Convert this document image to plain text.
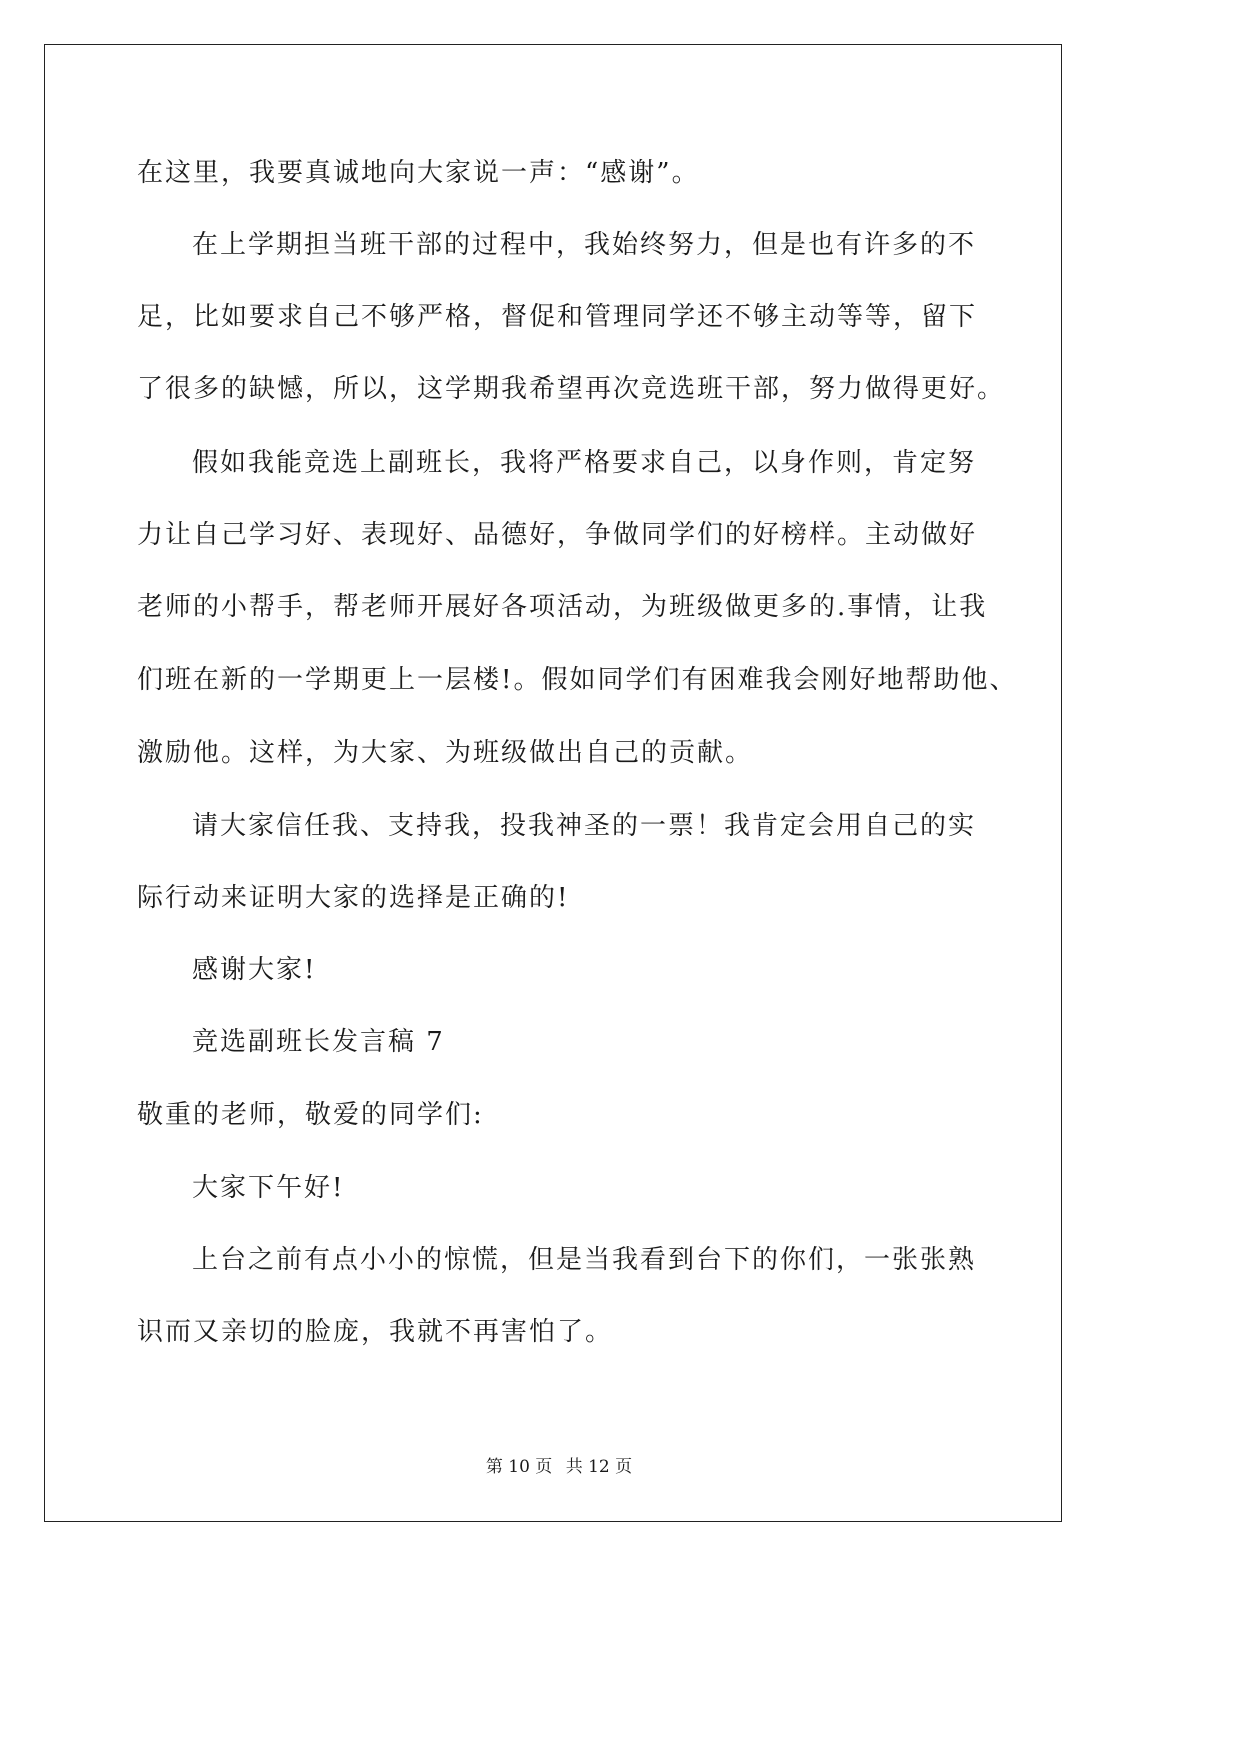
在这里，我要真诚地向大家说一声：“感谢”。
在上学期担当班干部的过程中，我始终努力，但是也有许多的不
足，比如要求自己不够严格，督促和管理同学还不够主动等等，留下
了很多的缺憾，所以，这学期我希望再次竞选班干部，努力做得更好。
假如我能竞选上副班长，我将严格要求自己，以身作则，肯定努
力让自己学习好、表现好、品德好，争做同学们的好榜样。主动做好
老师的小帮手，帮老师开展好各项活动，为班级做更多的.事情，让我
们班在新的一学期更上一层楼!。假如同学们有困难我会刚好地帮助他、
激励他。这样，为大家、为班级做出自己的贡献。
请大家信任我、支持我，投我神圣的一票！我肯定会用自己的实
际行动来证明大家的选择是正确的!
感谢大家!
竞选副班长发言稿 7
敬重的老师，敬爱的同学们:
大家下午好!
上台之前有点小小的惊慌，但是当我看到台下的你们，一张张熟
识而又亲切的脸庞，我就不再害怕了。
第 10 页 共 12 页
